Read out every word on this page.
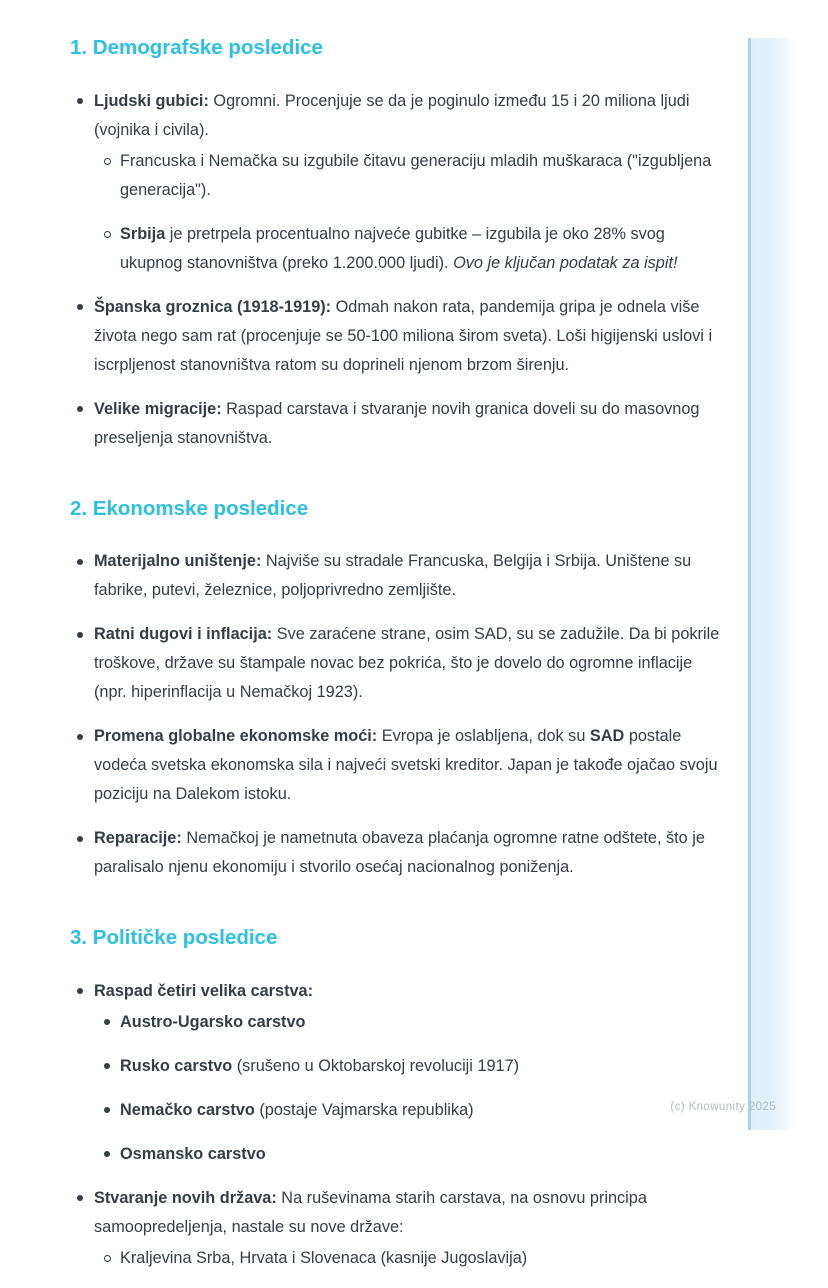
1. Demografske posledice
Ljudski gubici: Ogromni. Procenjuje se da je poginulo između 15 i 20 miliona ljudi (vojnika i civila).
Francuska i Nemačka su izgubile čitavu generaciju mladih muškaraca ("izgubljena generacija").
Srbija je pretrpela procentualno najveće gubitke – izgubila je oko 28% svog ukupnog stanovništva (preko 1.200.000 ljudi). Ovo je ključan podatak za ispit!
Španska groznica (1918-1919): Odmah nakon rata, pandemija gripa je odnela više života nego sam rat (procenjuje se 50-100 miliona širom sveta). Loši higijenski uslovi i iscrpljenost stanovništva ratom su doprineli njenom brzom širenju.
Velike migracije: Raspad carstava i stvaranje novih granica doveli su do masovnog preseljenja stanovništva.
2. Ekonomske posledice
Materijalno uništenje: Najviše su stradale Francuska, Belgija i Srbija. Uništene su fabrike, putevi, železnice, poljoprivredno zemljište.
Ratni dugovi i inflacija: Sve zaraćene strane, osim SAD, su se zadužile. Da bi pokrile troškove, države su štampale novac bez pokrića, što je dovelo do ogromne inflacije (npr. hiperinflacija u Nemačkoj 1923).
Promena globalne ekonomske moći: Evropa je oslabljena, dok su SAD postale vodeća svetska ekonomska sila i najveći svetski kreditor. Japan je takođe ojačao svoju poziciju na Dalekom istoku.
Reparacije: Nemačkoj je nametnuta obaveza plaćanja ogromne ratne odštete, što je paralisalo njenu ekonomiju i stvorilo osećaj nacionalnog poniženja.
3. Političke posledice
Raspad četiri velika carstva:
Austro-Ugarsko carstvo
Rusko carstvo (srušeno u Oktobarskoj revoluciji 1917)
Nemačko carstvo (postaje Vajmarska republika)
Osmansko carstvo
Stvaranje novih država: Na ruševinama starih carstava, na osnovu principa samoopredeljenja, nastale su nove države:
Kraljevina Srba, Hrvata i Slovenaca (kasnije Jugoslavija)
(c) Knowunity 2025
